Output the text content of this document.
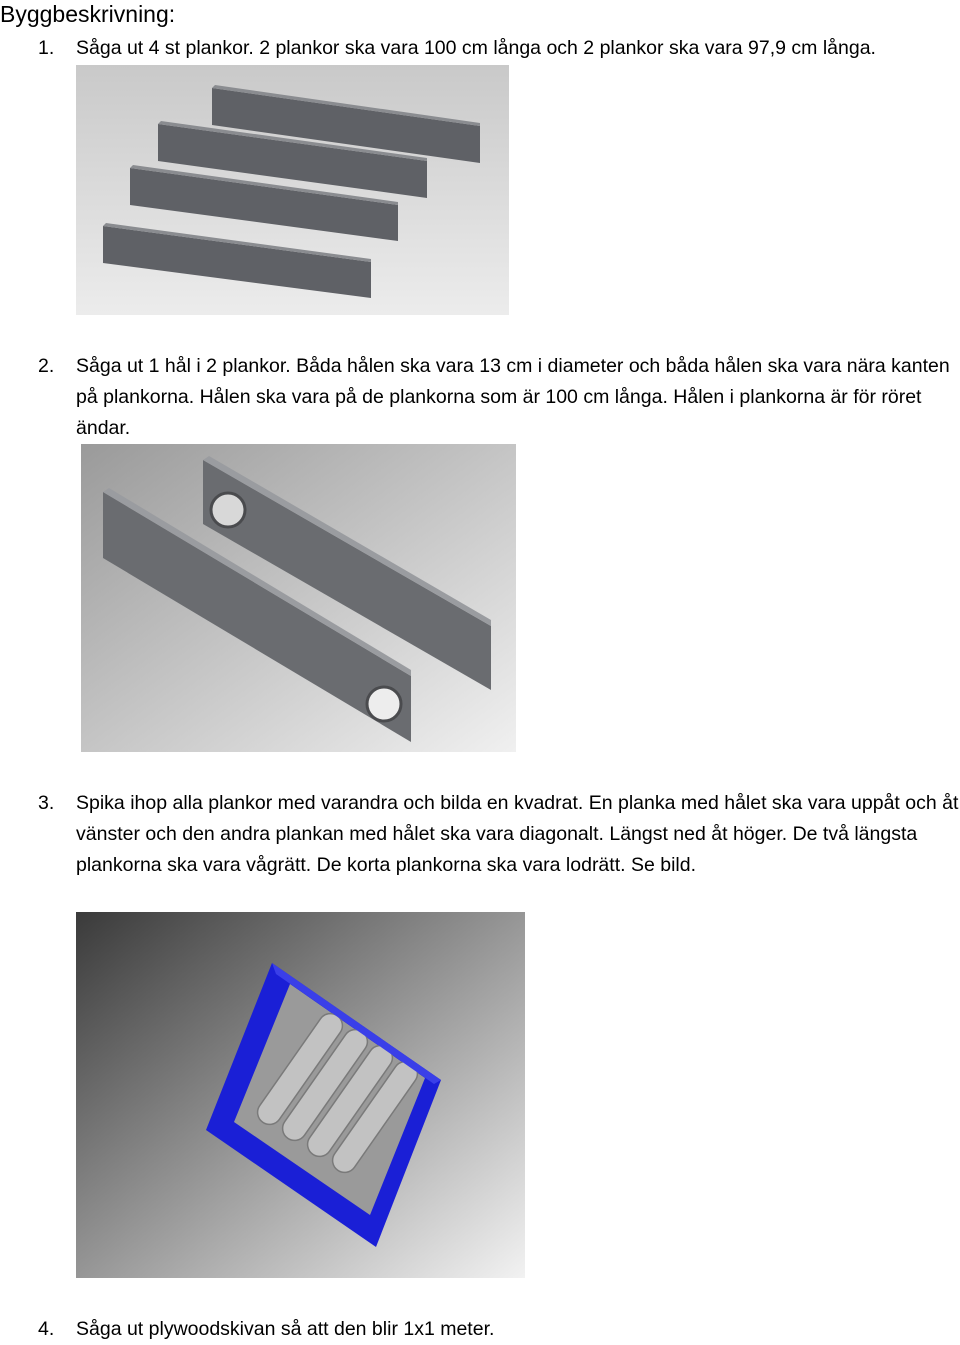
Byggbeskrivning:
1. Såga ut 4 st plankor. 2 plankor ska vara 100 cm långa och 2 plankor ska vara 97,9 cm långa.
2. Såga ut 1 hål i 2 plankor. Båda hålen ska vara 13 cm i diameter och båda hålen ska vara nära kanten på plankorna. Hålen ska vara på de plankorna som är 100 cm långa. Hålen i plankorna är för röret ändar.
3. Spika ihop alla plankor med varandra och bilda en kvadrat. En planka med hålet ska vara uppåt och åt vänster och den andra plankan med hålet ska vara diagonalt. Längst ned åt höger. De två längsta plankorna ska vara vågrätt. De korta plankorna ska vara lodrätt. Se bild.
4. Såga ut plywoodskivan så att den blir 1x1 meter.
